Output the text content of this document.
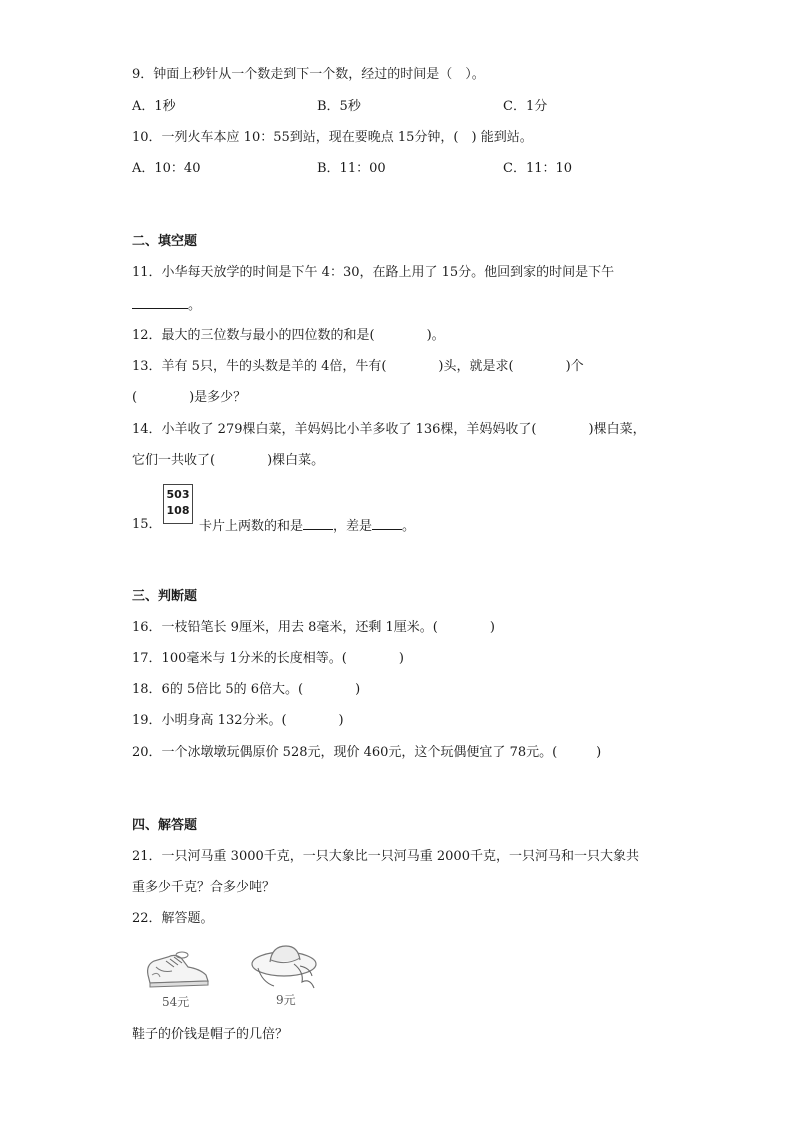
9．钟面上秒针从一个数走到下一个数，经过的时间是（　）。
A．1秒	B．5秒	C．1分
10．一列火车本应 10：55到站，现在要晚点 15分钟，(　) 能到站。
A．10：40	B．11：00	C．11：10
二、填空题
11．小华每天放学的时间是下午 4：30，在路上用了 15分。他回到家的时间是下午
。
12．最大的三位数与最小的四位数的和是(　　　　)。
13．羊有 5只，牛的头数是羊的 4倍，牛有(　　　　)头，就是求(　　　　)个
(　　　　)是多少？
14．小羊收了 279棵白菜，羊妈妈比小羊多收了 136棵，羊妈妈收了(　　　　)棵白菜，
它们一共收了(　　　　)棵白菜。
15．
503
108
卡片上两数的和是 ，差是 。
三、判断题
16．一枝铅笔长 9厘米，用去 8毫米，还剩 1厘米。(　　　　)
17．100毫米与 1分米的长度相等。(　　　　)
18．6的 5倍比 5的 6倍大。(　　　　)
19．小明身高 132分米。(　　　　)
20．一个冰墩墩玩偶原价 528元，现价 460元，这个玩偶便宜了 78元。(　　　)
四、解答题
21．一只河马重 3000千克，一只大象比一只河马重 2000千克，一只河马和一只大象共
重多少千克？合多少吨？
22．解答题。
54元	9元
鞋子的价钱是帽子的几倍？
